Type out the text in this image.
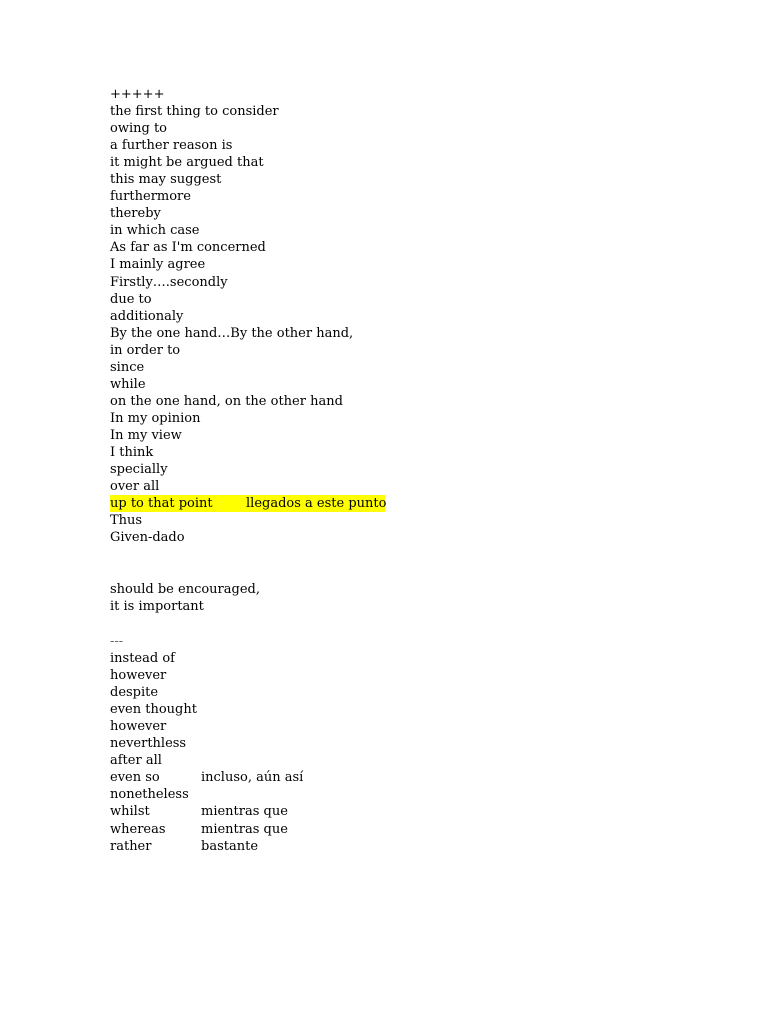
+++++
the first thing to consider
owing to
a further reason is
it might be argued that
this may suggest
furthermore
thereby
in which case
As far as I'm concerned
I mainly agree
Firstly….secondly
due to
additionaly
By the one hand…By the other hand,
in order to
since
while
on the one hand, on the other hand
In my opinion
In my view
I think
specially
over all
up to that point	llegados a este punto
Thus
Given-dado
should be encouraged,
it is important
---
instead of
however
despite
even thought
however
neverthless
after all
even so	incluso, aún así
nonetheless
whilst	mientras que
whereas	mientras que
rather	bastante
